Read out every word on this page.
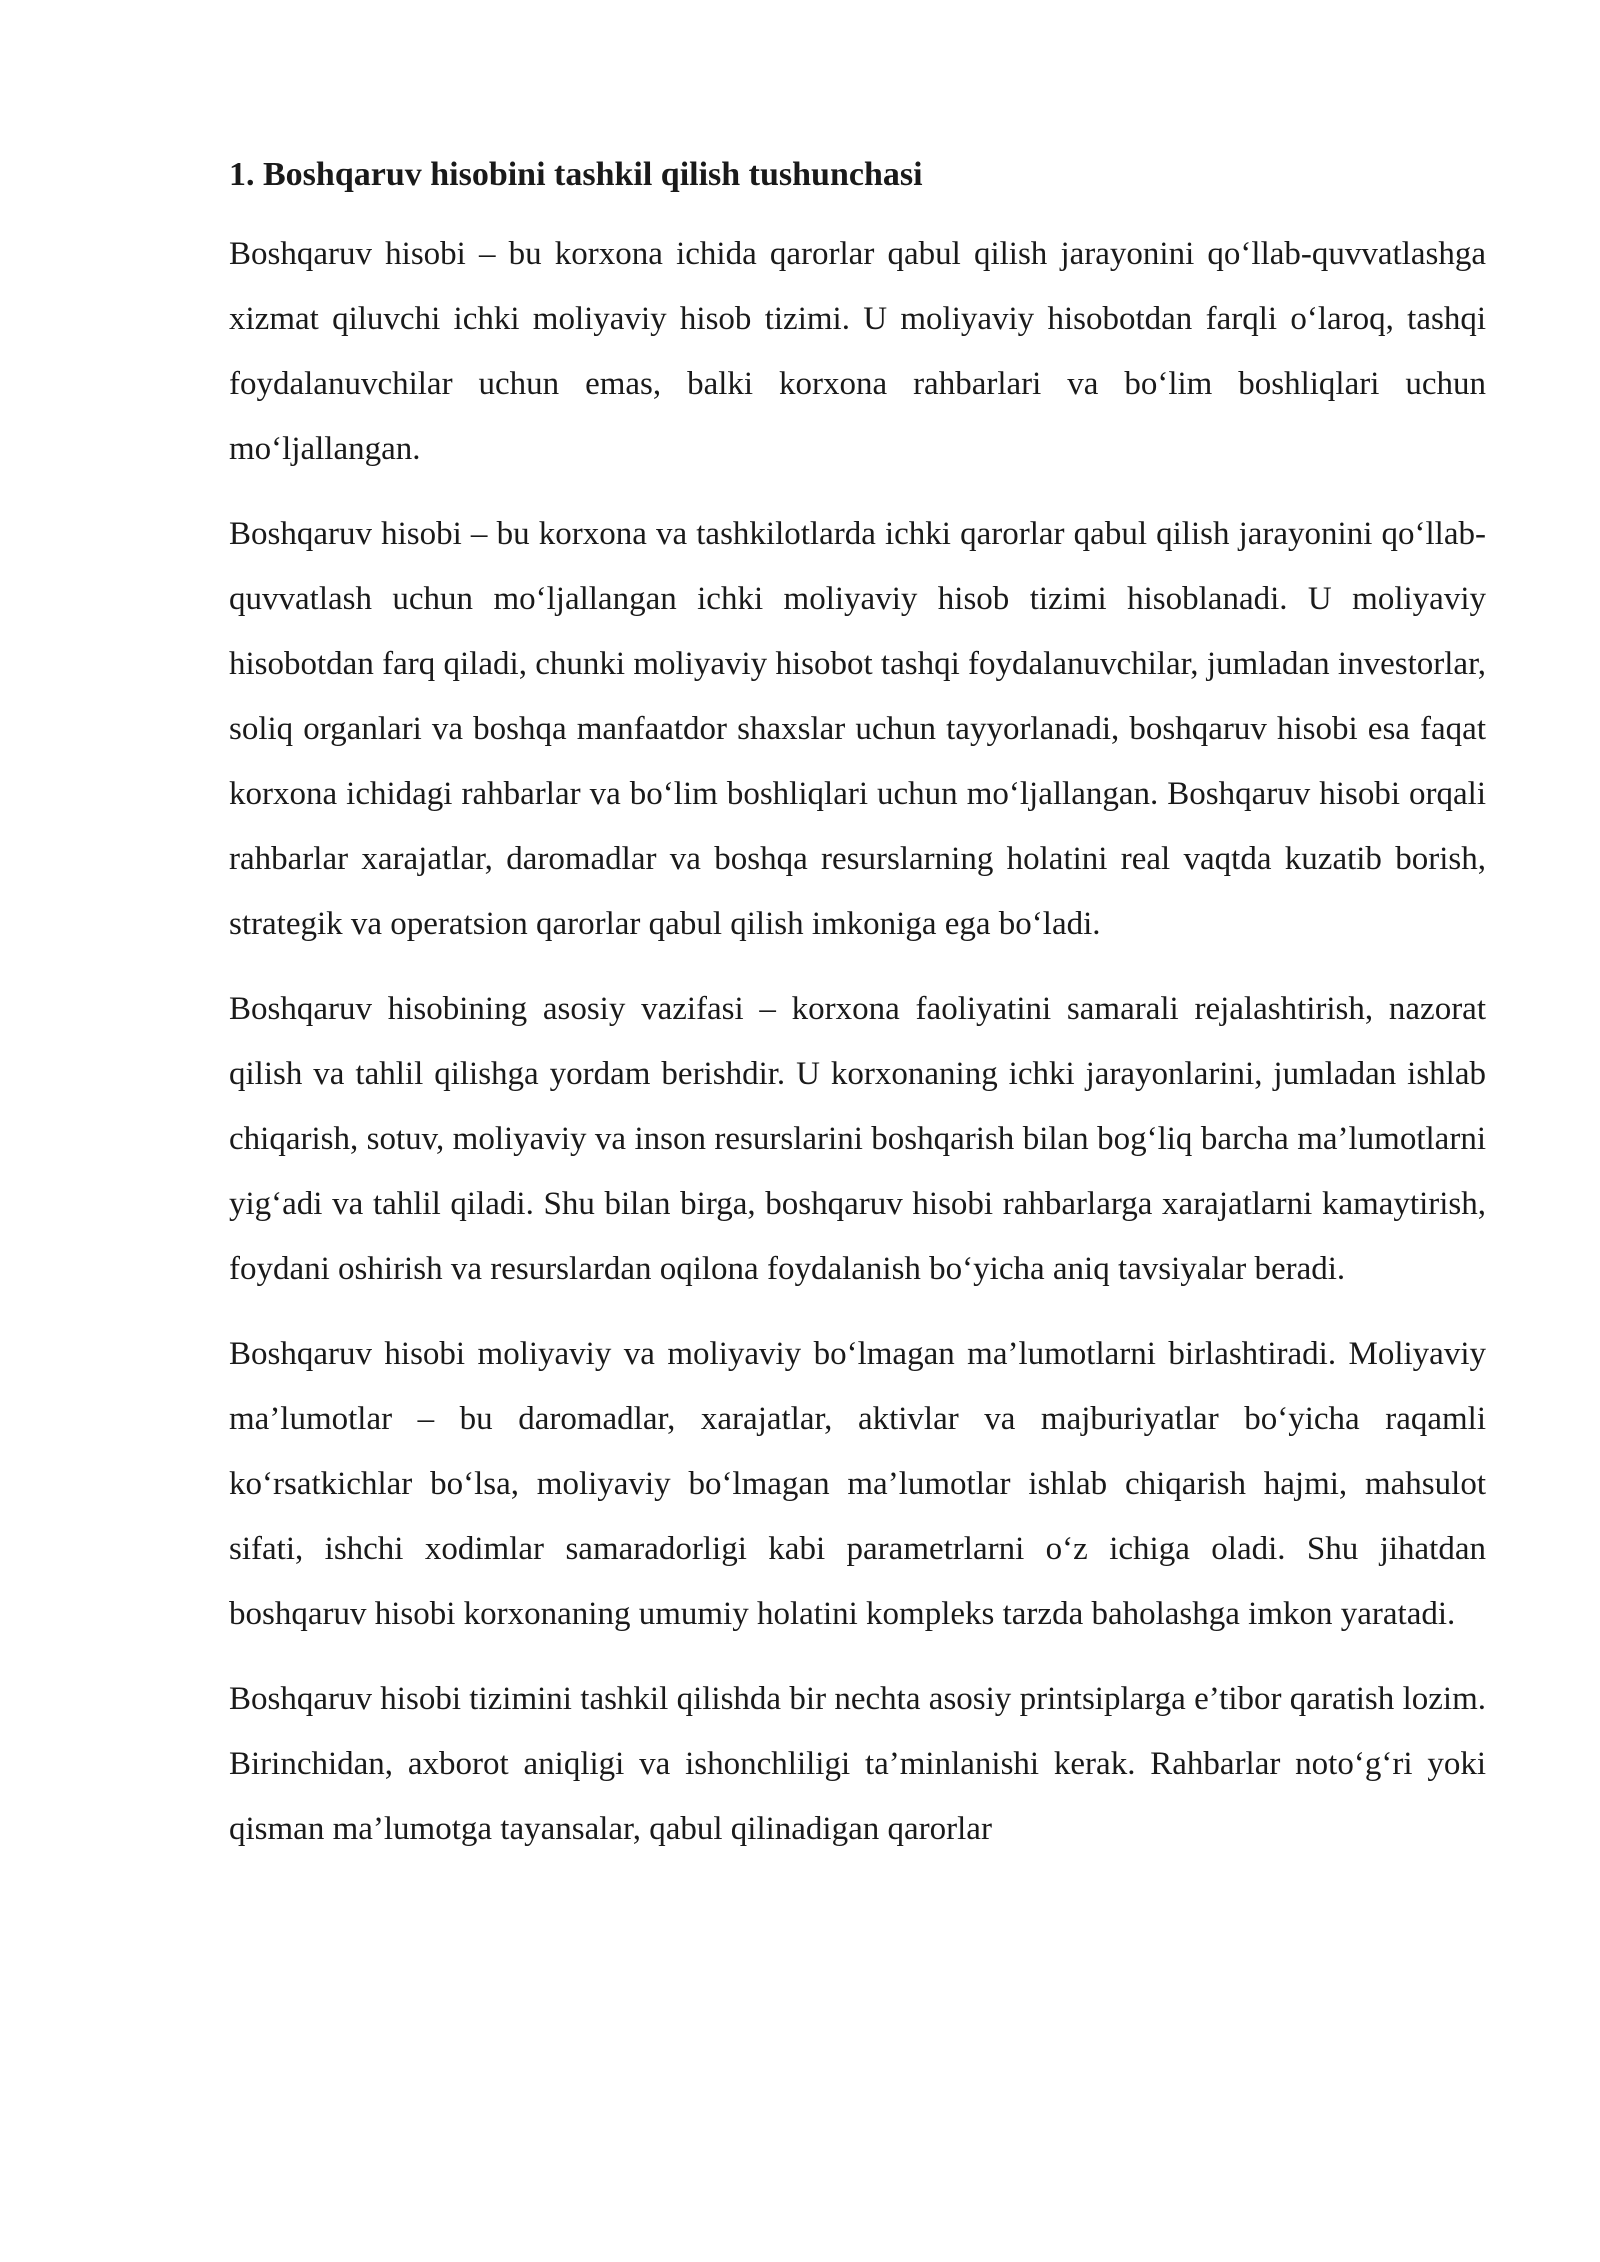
1. Boshqaruv hisobini tashkil qilish tushunchasi

Boshqaruv hisobi – bu korxona ichida qarorlar qabul qilish jarayonini qo‘llab-quvvatlashga xizmat qiluvchi ichki moliyaviy hisob tizimi. U moliyaviy hisobotdan farqli o‘laroq, tashqi foydalanuvchilar uchun emas, balki korxona rahbarlari va bo‘lim boshliqlari uchun mo‘ljallangan.

Boshqaruv hisobi – bu korxona va tashkilotlarda ichki qarorlar qabul qilish jarayonini qo‘llab-quvvatlash uchun mo‘ljallangan ichki moliyaviy hisob tizimi hisoblanadi. U moliyaviy hisobotdan farq qiladi, chunki moliyaviy hisobot tashqi foydalanuvchilar, jumladan investorlar, soliq organlari va boshqa manfaatdor shaxslar uchun tayyorlanadi, boshqaruv hisobi esa faqat korxona ichidagi rahbarlar va bo‘lim boshliqlari uchun mo‘ljallangan. Boshqaruv hisobi orqali rahbarlar xarajatlar, daromadlar va boshqa resurslarning holatini real vaqtda kuzatib borish, strategik va operatsion qarorlar qabul qilish imkoniga ega bo‘ladi.

Boshqaruv hisobining asosiy vazifasi – korxona faoliyatini samarali rejalashtirish, nazorat qilish va tahlil qilishga yordam berishdir. U korxonaning ichki jarayonlarini, jumladan ishlab chiqarish, sotuv, moliyaviy va inson resurslarini boshqarish bilan bog‘liq barcha ma’lumotlarni yig‘adi va tahlil qiladi. Shu bilan birga, boshqaruv hisobi rahbarlarga xarajatlarni kamaytirish, foydani oshirish va resurslardan oqilona foydalanish bo‘yicha aniq tavsiyalar beradi.

Boshqaruv hisobi moliyaviy va moliyaviy bo‘lmagan ma’lumotlarni birlashtiradi. Moliyaviy ma’lumotlar – bu daromadlar, xarajatlar, aktivlar va majburiyatlar bo‘yicha raqamli ko‘rsatkichlar bo‘lsa, moliyaviy bo‘lmagan ma’lumotlar ishlab chiqarish hajmi, mahsulot sifati, ishchi xodimlar samaradorligi kabi parametrlarni o‘z ichiga oladi. Shu jihatdan boshqaruv hisobi korxonaning umumiy holatini kompleks tarzda baholashga imkon yaratadi.

Boshqaruv hisobi tizimini tashkil qilishda bir nechta asosiy printsiplarga e’tibor qaratish lozim. Birinchidan, axborot aniqligi va ishonchliligi ta’minlanishi kerak. Rahbarlar noto‘g‘ri yoki qisman ma’lumotga tayansalar, qabul qilinadigan qarorlar
